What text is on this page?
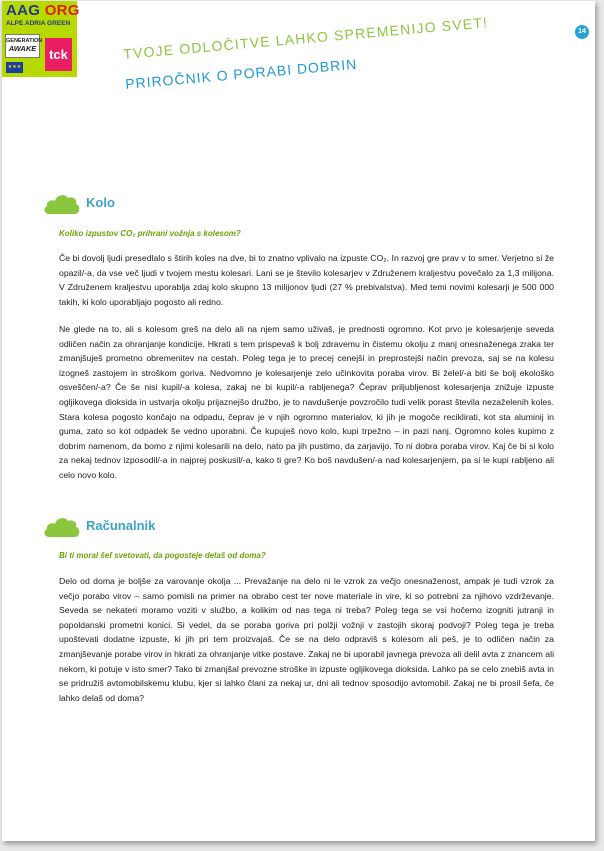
AAG ORG
ALPE ADRIA GREEN
GENERATION
AWAKE
★★★
tck
14
TVOJE ODLOČITVE LAHKO SPREMENIJO SVET!
PRIROČNIK O PORABI DOBRIN
Kolo
Koliko izpustov CO₂ prihrani vožnja s kolesom?
Če bi dovolj ljudi presedlalo s štirih koles na dve, bi to znatno vplivalo na izpuste CO₂. In razvoj gre prav v to smer. Verjetno si že opazil/-a, da vse več ljudi v tvojem mestu kolesari. Lani se je število kolesarjev v Združenem kraljestvu povečalo za 1,3 milijona. V Združenem kraljestvu uporablja zdaj kolo skupno 13 milijonov ljudi (27 % prebivalstva). Med temi novimi kolesarji je 500 000 takih, ki kolo uporabljajo pogosto ali redno.
Ne glede na to, ali s kolesom greš na delo ali na njem samo uživaš, je prednosti ogromno. Kot prvo je kolesarjenje seveda odličen način za ohranjanje kondicije. Hkrati s tem prispevaš k bolj zdravemu in čistemu okolju z manj onesnaženega zraka ter zmanjšuješ prometno obremenitev na cestah. Poleg tega je to precej cenejši in preprostejši način prevoza, saj se na kolesu izogneš zastojem in stroškom goriva. Nedvomno je kolesarjenje zelo učinkovita poraba virov. Bi želel/-a biti še bolj ekološko osveščen/-a? Če še nisi kupil/-a kolesa, zakaj ne bi kupil/-a rabljenega? Čeprav priljubljenost kolesarjenja znižuje izpuste ogljikovega dioksida in ustvarja okolju prijaznejšo družbo, je to navdušenje povzročilo tudi velik porast števila nezaželenih koles. Stara kolesa pogosto končajo na odpadu, čeprav je v njih ogromno materialov, ki jih je mogoče reciklirati, kot sta aluminij in guma, zato so kot odpadek še vedno uporabni. Če kupuješ novo kolo, kupi trpežno – in pazi nanj. Ogromno koles kupimo z dobrim namenom, da bomo z njimi kolesarili na delo, nato pa jih pustimo, da zarjavijo. To ni dobra poraba virov. Kaj če bi si kolo za nekaj tednov izposodil/-a in najprej poskusil/-a, kako ti gre? Ko boš navdušen/-a nad kolesarjenjem, pa si le kupi rabljeno ali celo novo kolo.
Računalnik
Bi ti moral šef svetovati, da pogosteje delaš od doma?
Delo od doma je boljše za varovanje okolja ... Prevažanje na delo ni le vzrok za večjo onesnaženost, ampak je tudi vzrok za večjo porabo virov – samo pomisli na primer na obrabo cest ter nove materiale in vire, ki so potrebni za njihovo vzdrževanje. Seveda se nekateri moramo voziti v službo, a kolikim od nas tega ni treba? Poleg tega se vsi hočemo izogniti jutranji in popoldanski prometni konici. Si vedel, da se poraba goriva pri polžji vožnji v zastojih skoraj podvoji? Poleg tega je treba upoštevati dodatne izpuste, ki jih pri tem proizvajaš. Če se na delo odpraviš s kolesom ali peš, je to odličen način za zmanjševanje porabe virov in hkrati za ohranjanje vitke postave. Zakaj ne bi uporabil javnega prevoza ali delil avta z znancem ali nekom, ki potuje v isto smer? Tako bi zmanjšal prevozne stroške in izpuste ogljikovega dioksida. Lahko pa se celo znebiš avta in se pridružiš avtomobilskemu klubu, kjer si lahko člani za nekaj ur, dni ali tednov sposodijo avtomobil. Zakaj ne bi prosil šefa, če lahko delaš od doma?
